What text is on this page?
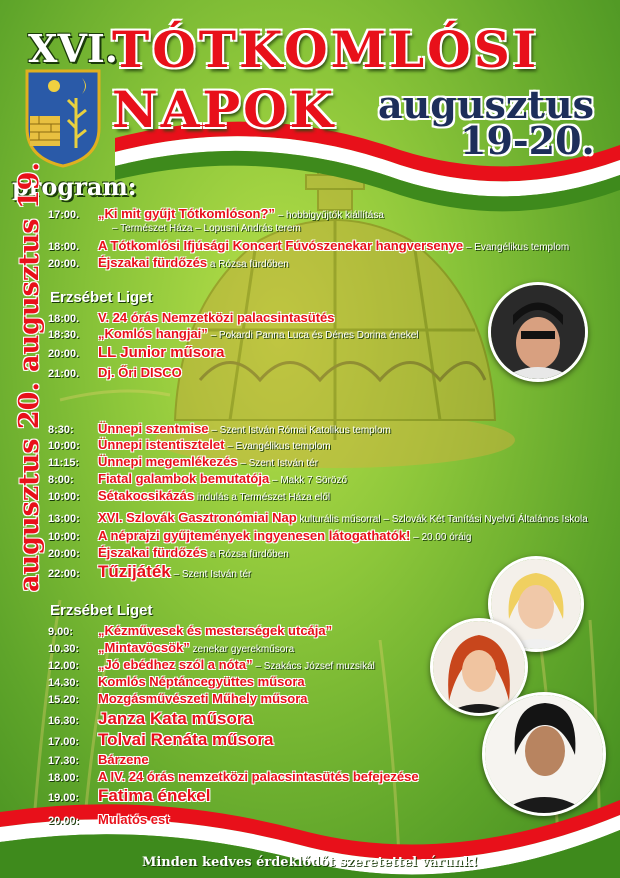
XVI.
TÓTKOMLÓSI
NAPOK augusztus
19-20.
program:
augusztus 19.
augusztus 20.
17:00. „Ki mit gyűjt Tótkomlóson?” – hobbigyűjtők kiállítása
– Természet Háza – Lopusni András terem
18:00. A Tótkomlósi Ifjúsági Koncert Fúvószenekar hangversenye – Evangélikus templom
20:00. Éjszakai fürdőzés a Rózsa fürdőben
Erzsébet Liget
18:00. V. 24 órás Nemzetközi palacsintasütés
18:30. „Komlós hangjai” – Pokardi Panna Luca és Dénes Dorina énekel
20:00. LL Junior műsora
21:00. Dj. Őri DISCO
8:30: Ünnepi szentmise – Szent István Római Katolikus templom
10:00: Ünnepi istentisztelet – Evangélikus templom
11:15: Ünnepi megemlékezés – Szent István tér
8:00: Fiatal galambok bemutatója – Makk 7 Söröző
10:00: Sétakocsikázás indulás a Természet Háza elől
13:00: XVI. Szlovák Gasztronómiai Nap kulturális műsorral – Szlovák Két Tanítási Nyelvű Általános Iskola
10:00: A néprajzi gyűjtemények ingyenesen látogathatók! – 20.00 óráig
20:00: Éjszakai fürdőzés a Rózsa fürdőben
22:00: Tűzijáték – Szent István tér
Erzsébet Liget
9.00: „Kézművesek és mesterségek utcája”
10.30: „Mintavöcsök” zenekar gyerekműsora
12.00: „Jó ebédhez szól a nóta” – Szakács József muzsikál
14.30: Komlós Néptáncegyüttes műsora
15.20: Mozgásművészeti Műhely műsora
16.30: Janza Kata műsora
17.00: Tolvai Renáta műsora
17.30: Bárzene
18.00: A IV. 24 órás nemzetközi palacsintasütés befejezése
19.00: Fatima énekel
20.00: Mulatós est
Minden kedves érdeklődőt szeretettel várunk!
